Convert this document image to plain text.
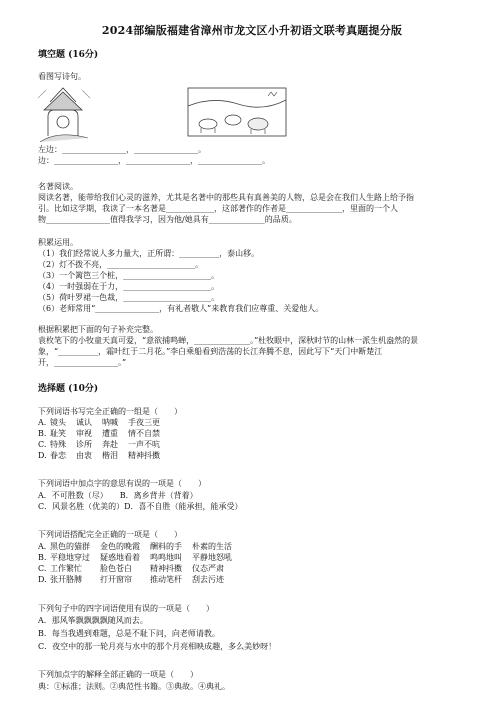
2024部编版福建省漳州市龙文区小升初语文联考真题提分版
填空题 (16分)
看图写诗句。
左边：________________，________________。
边：________________，________________，________________。
名著阅读。
阅读名著，能带给我们心灵的滋养，尤其是名著中的那些具有真善美的人物，总是会在我们人生路上给予指
引。比如这学期，我读了一本名著是____________，这部著作的作者是______________，里面的一个人
物________________值得我学习，因为他/她具有______________的品质。
积累运用。
（1）我们经常说人多力量大，正所谓：__________，泰山移。
（2）灯不拨不亮，______________________。
（3）一个篱笆三个桩，______________________。
（4）一时强弱在于力，______________________。
（5）荷叶罗裙一色裁，______________________。
（6）老师常用“________________，有礼者敬人”来教育我们应尊重、关爱他人。
根据积累把下面的句子补充完整。
袁枚笔下的小牧童天真可爱，“意欲捕鸣蝉，______________。”杜牧眼中，深秋时节的山林一派生机盎然的景
象，“__________，霜叶红于二月花。”李白乘船看到浩荡的长江奔腾不息，因此写下“天门中断楚江
开，________________。”
选择题 (10分)
下列词语书写完全正确的一组是（　　）
A. 镜头 诚认 呐喊 手夜三更
B. 耻笑 审视 遭重 情不自禁
C. 特殊 诊所 奔赴 一声不吭
D. 眷恋 由衷 楷泪 精神抖擞
下列词语中加点字的意思有误的一项是（　　）
A．不可胜数（尽）　　B．离乡背井（背着）
C．风景名胜（优美的）D．喜不自胜（能承担，能承受）
下列词语搭配完全正确的一项是（　　）
A. 黑色的猫群 金色的晚霞 酬料的手 朴素的生活
B. 平稳地穿过 疑惑地看着 鸣鸣地叫 平静地怒吼
C. 工作繁忙 脸色苍白 精神抖擞 仪态严肃
D. 张开胳膊 打开窗帘 推动笔杆 刮去污迹
下列句子中的四字词语使用有误的一项是（　　）
A．那风筝飘飘飘飘随风而去。
B．每当我遇到难题，总是不耻下问，向老师请教。
C．夜空中的那一轮月亮与水中的那个月亮相映成趣，多么美妙呀！
下列加点字的解释全部正确的一项是（　　）
典：①标准；法则。②典范性书籍。③典故。④典礼。
